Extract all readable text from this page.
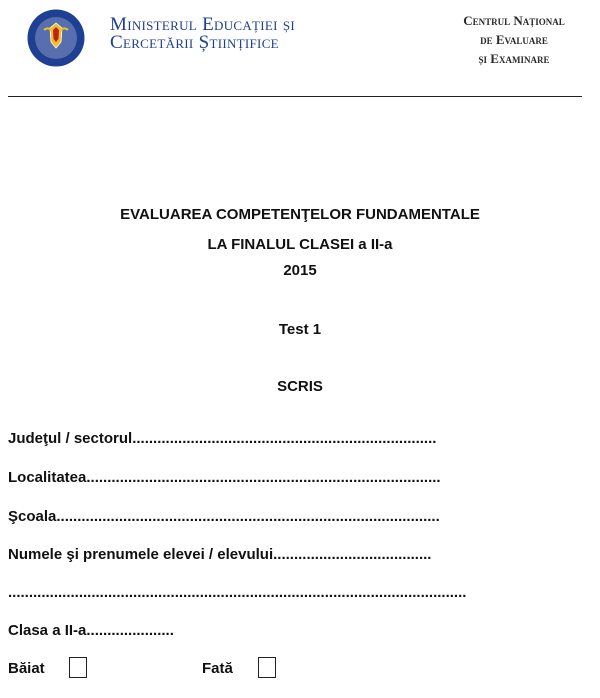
Ministerul Educației și
Cercetării Științifice
Centrul Național
de Evaluare
și Examinare
EVALUAREA COMPETENŢELOR FUNDAMENTALE
LA FINALUL CLASEI a II-a
2015
Test 1
SCRIS
Judeţul / sectorul.........................................................................
Localitatea.....................................................................................
Şcoala............................................................................................
Numele şi prenumele elevei / elevului......................................
..............................................................................................................
Clasa a II-a.....................
Băiat	Fată
